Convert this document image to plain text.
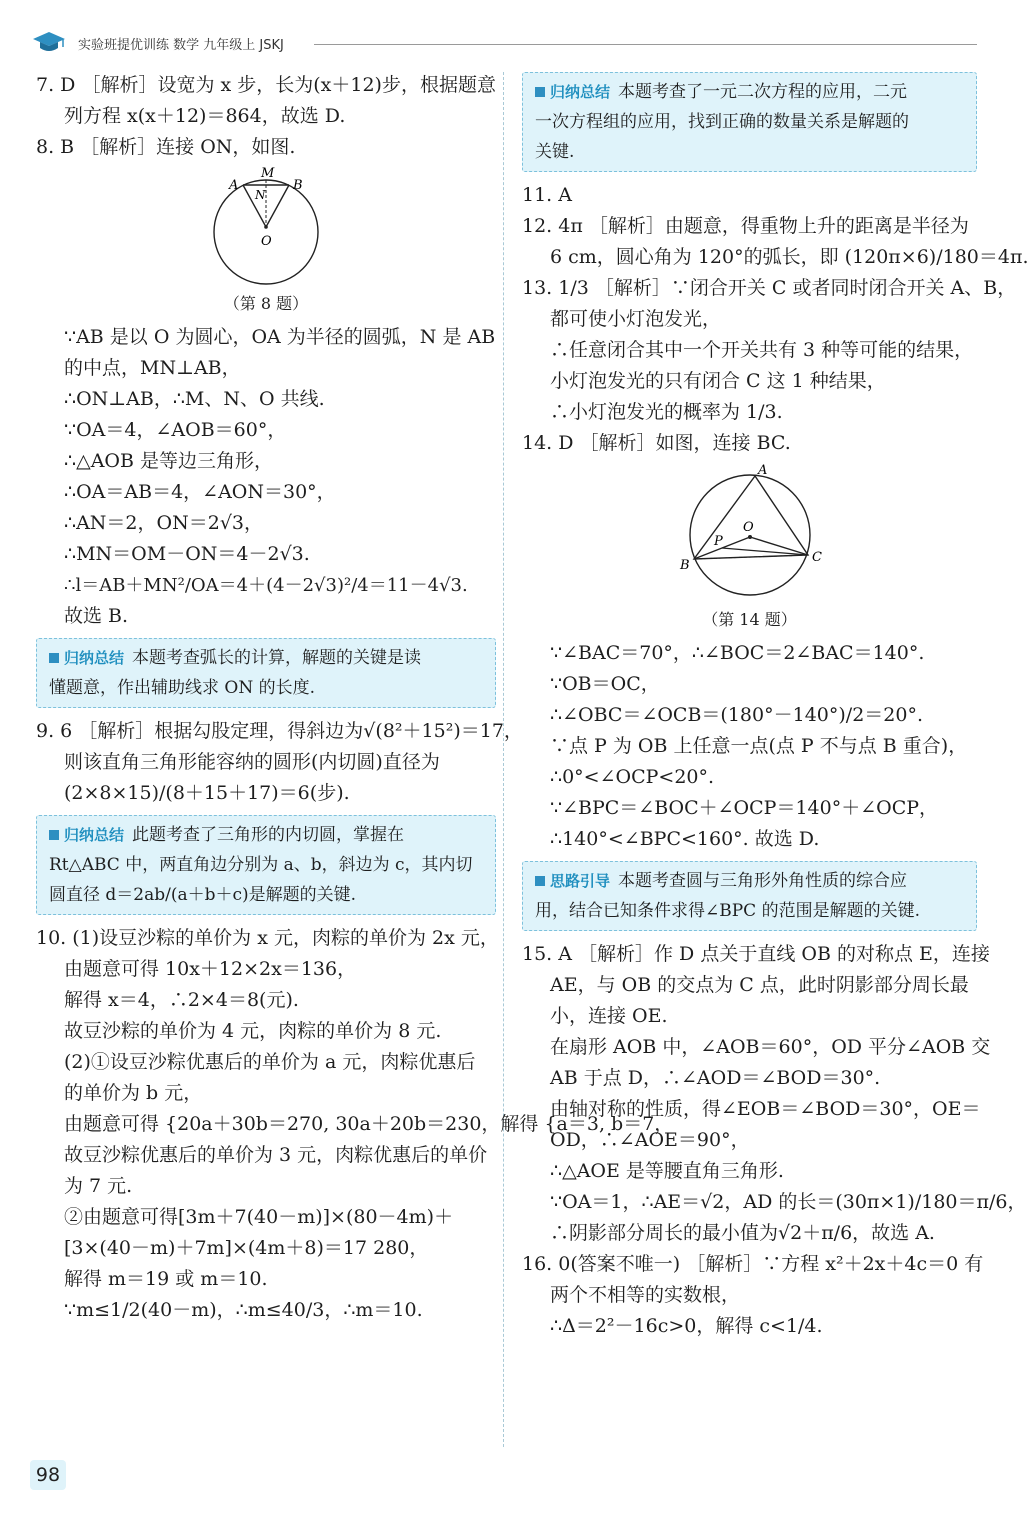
实验班提优训练 数学 九年级上 JSKJ
7. D ［解析］设宽为 x 步，长为(x＋12)步，根据题意
列方程 x(x＋12)＝864，故选 D.
8. B ［解析］连接 ON，如图.
M
A	B
N
O
（第 8 题）
∵AB 是以 O 为圆心，OA 为半径的圆弧，N 是 AB
的中点，MN⊥AB，
∴ON⊥AB，∴M、N、O 共线.
∵OA＝4，∠AOB＝60°，
∴△AOB 是等边三角形，
∴OA＝AB＝4，∠AON＝30°，
∴AN＝2，ON＝2√3，
∴MN＝OM－ON＝4－2√3.
∴l＝AB＋MN²/OA＝4＋(4－2√3)²/4＝11－4√3.
故选 B.
归纳总结 本题考查弧长的计算，解题的关键是读
懂题意，作出辅助线求 ON 的长度.
9. 6 ［解析］根据勾股定理，得斜边为√(8²＋15²)＝17，
则该直角三角形能容纳的圆形(内切圆)直径为
(2×8×15)/(8＋15＋17)＝6(步).
归纳总结 此题考查了三角形的内切圆，掌握在
Rt△ABC 中，两直角边分别为 a、b，斜边为 c，其内切
圆直径 d＝2ab/(a＋b＋c)是解题的关键.
10. (1)设豆沙粽的单价为 x 元，肉粽的单价为 2x 元，
由题意可得 10x＋12×2x＝136，
解得 x＝4，∴2×4＝8(元).
故豆沙粽的单价为 4 元，肉粽的单价为 8 元.
(2)①设豆沙粽优惠后的单价为 a 元，肉粽优惠后
的单价为 b 元，
由题意可得 {20a＋30b＝270, 30a＋20b＝230，解得 {a＝3, b＝7，
故豆沙粽优惠后的单价为 3 元，肉粽优惠后的单价
为 7 元.
②由题意可得[3m＋7(40－m)]×(80－4m)＋
[3×(40－m)＋7m]×(4m＋8)＝17 280，
解得 m＝19 或 m＝10.
∵m≤1/2(40－m)，∴m≤40/3，∴m＝10.
归纳总结 本题考查了一元二次方程的应用，二元
一次方程组的应用，找到正确的数量关系是解题的
关键.
11. A
12. 4π ［解析］由题意，得重物上升的距离是半径为
6 cm，圆心角为 120°的弧长，即 (120π×6)/180＝4π.
13. 1/3 ［解析］∵闭合开关 C 或者同时闭合开关 A、B，
都可使小灯泡发光，
∴任意闭合其中一个开关共有 3 种等可能的结果，
小灯泡发光的只有闭合 C 这 1 种结果，
∴小灯泡发光的概率为 1/3.
14. D ［解析］如图，连接 BC.
A
O
P
B
C
（第 14 题）
∵∠BAC＝70°，∴∠BOC＝2∠BAC＝140°.
∵OB＝OC，
∴∠OBC＝∠OCB＝(180°－140°)/2＝20°.
∵点 P 为 OB 上任意一点(点 P 不与点 B 重合)，
∴0°<∠OCP<20°.
∵∠BPC＝∠BOC＋∠OCP＝140°＋∠OCP，
∴140°<∠BPC<160°. 故选 D.
思路引导 本题考查圆与三角形外角性质的综合应
用，结合已知条件求得∠BPC 的范围是解题的关键.
15. A ［解析］作 D 点关于直线 OB 的对称点 E，连接
AE，与 OB 的交点为 C 点，此时阴影部分周长最
小，连接 OE.
在扇形 AOB 中，∠AOB＝60°，OD 平分∠AOB 交
AB 于点 D，∴∠AOD＝∠BOD＝30°.
由轴对称的性质，得∠EOB＝∠BOD＝30°，OE＝
OD，∴∠AOE＝90°，
∴△AOE 是等腰直角三角形.
∵OA＝1，∴AE＝√2，AD 的长＝(30π×1)/180＝π/6，
∴阴影部分周长的最小值为√2＋π/6，故选 A.
16. 0(答案不唯一) ［解析］∵方程 x²＋2x＋4c＝0 有
两个不相等的实数根，
∴Δ＝2²－16c>0，解得 c<1/4.
98
